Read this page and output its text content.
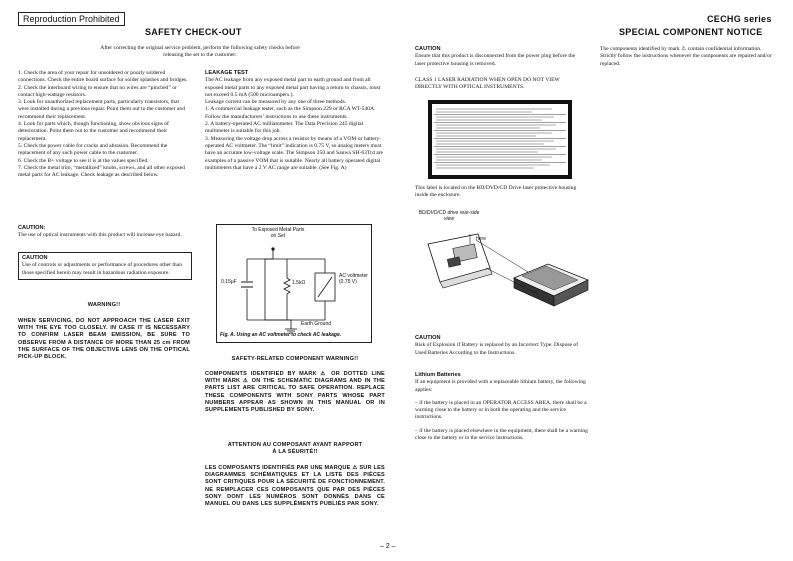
Reproduction Prohibited
SAFETY CHECK-OUT
CECHG series
SPECIAL COMPONENT NOTICE
After correcting the original service problem, perform the following safety checks before releasing the set to the customer:
1. Check the area of your repair for unsoldered or poorly soldered connections. Check the entire board surface for solder splashes and bridges.
2. Check the interboard wiring to ensure that no wires are “pinched” or contact high-wattage resistors.
3. Look for unauthorized replacement parts, particularly transistors, that were installed during a previous repair. Point them out to the customer and recommend their replacement.
4. Look for parts which, though functioning, show obvious signs of deterioration. Point them out to the customer and recommend their replacement.
5. Check the power cable for cracks and abrasion. Recommend the replacement of any such power cable to the customer.
6. Check the B+ voltage to see it is at the values specified.
7. Check the metal trim, “metallized” knobs, screws, and all other exposed metal parts for AC leakage. Check leakage as described below.
CAUTION:
The use of optical instruments with this product will increase eye hazard.
CAUTION
Use of controls or adjustments or performance of procedures other than those specified herein may result in hazardous radiation exposure.
WARNING!!
WHEN SERVICING, DO NOT APPROACH THE LASER EXIT WITH THE EYE TOO CLOSELY. IN CASE IT IS NECESSARY TO CONFIRM LASER BEAM EMISSION, BE SURE TO OBSERVE FROM A DISTANCE OF MORE THAN 25 cm FROM THE SURFACE OF THE OBJECTIVE LENS ON THE OPTICAL PICK-UP BLOCK.
LEAKAGE TEST
The AC leakage from any exposed metal part to earth ground and from all exposed metal parts to any exposed metal part having a return to chassis, must not exceed 0.5 mA (500 microampers.).
Leakage current can be measured by any one of three methods.
1. A commercial leakage tester, such as the Simpson 229 or RCA WT-540A. Follow the manufacturers’ instructions to use these instruments.
2. A battery-operated AC milliammeter. The Data Precision 245 digital multimeter is suitable for this job.
3. Measuring the voltage drop across a resistor by means of a VOM or battery-operated AC voltmeter. The “limit” indication is 0.75 V, so analog meters must have an accurate low-voltage scale. The Simpson 250 and Sanwa SH-63Trd are examples of a passive VOM that is suitable. Nearly all battery operated digital multimeters that have a 2 V AC range are suitable. (See Fig. A)
To Exposed Metal Parts on Set
0.15μF	1.5kΩ
AC voltmeter (0.75 V)
Earth Ground
Fig. A. Using an AC voltmeter to check AC leakage.
SAFETY-RELATED COMPONENT WARNING!!
COMPONENTS IDENTIFIED BY MARK ⚠ OR DOTTED LINE WITH MARK ⚠ ON THE SCHEMATIC DIAGRAMS AND IN THE PARTS LIST ARE CRITICAL TO SAFE OPERATION. REPLACE THESE COMPONENTS WITH SONY PARTS WHOSE PART NUMBERS APPEAR AS SHOWN IN THIS MANUAL OR IN SUPPLEMENTS PUBLISHED BY SONY.
ATTENTION AU COMPOSANT AYANT RAPPORT À LA SÉURITÉ!!
LES COMPOSANTS IDENTIFIÉS PAR UNE MARQUE ⚠ SUR LES DIAGRAMMES SCHÉMATIQUES ET LA LISTE DES PIÈCES SONT CRITIQUES POUR LA SÉCURITÉ DE FONCTIONNEMENT. NE REMPLACER CES COMPOSANTS QUE PAR DES PIÈCES SONY DONT LES NUMÉROS SONT DONNÉS DANS CE MANUEL OU DANS LES SUPPLÉMENTS PUBLIÉS PAR SONY.
CAUTION
Ensure that this product is disconnected from the power plug before the laser protective housing is removed.
CLASS 1 LASER RADIATION WHEN OPEN DO NOT VIEW DIRECTLY WITH OPTICAL INSTRUMENTS.
This label is located on the BD/DVD/CD Drive laser protective housing inside the enclosure.
BD/DVD/CD drive rear-side view
here
CAUTION
Risk of Explosion if Battery is replaced by an Incorrect Type. Dispose of Used Batteries According to the Instructions.
Lithium Batteries
If an equipment is provided with a replaceable lithium battery, the following applies:
– if the battery is placed in an OPERATOR ACCESS AREA, there shall be a warning close to the battery or in both the operating and the service instructions.
– if the battery is placed elsewhere in the equipment, there shall be a warning close to the battery or in the service instructions.
The components identified by mark ⚠ contain confidential information. Strictly follow the instructions whenever the components are repaired and/or replaced.
– 2 –
